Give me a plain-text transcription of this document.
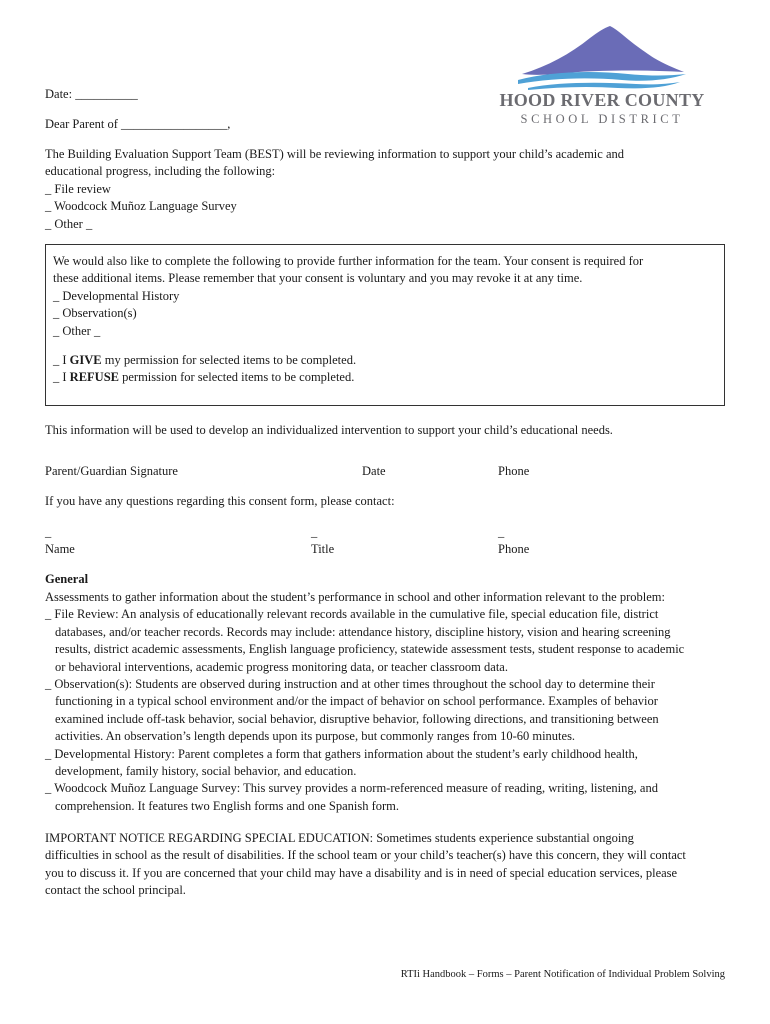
HOOD RIVER COUNTY
SCHOOL DISTRICT

Date: __________

Dear Parent of _________________,

The Building Evaluation Support Team (BEST) will be reviewing information to support your child’s academic and
educational progress, including the following:
_ File review
_ Woodcock Muñoz Language Survey
_ Other _
We would also like to complete the following to provide further information for the team. Your consent is required for
these additional items. Please remember that your consent is voluntary and you may revoke it at any time.
_ Developmental History
_ Observation(s)
_ Other _
_ I GIVE my permission for selected items to be completed.
_ I REFUSE permission for selected items to be completed.

This information will be used to develop an individualized intervention to support your child’s educational needs.

Parent/Guardian Signature	Date	Phone

If you have any questions regarding this consent form, please contact:

_	_	_

Name	Title	Phone

General

Assessments to gather information about the student’s performance in school and other information relevant to the problem:
_ File Review: An analysis of educationally relevant records available in the cumulative file, special education file, district
databases, and/or teacher records. Records may include: attendance history, discipline history, vision and hearing screening
results, district academic assessments, English language proficiency, statewide assessment tests, student response to academic
or behavioral interventions, academic progress monitoring data, or teacher classroom data.
_ Observation(s): Students are observed during instruction and at other times throughout the school day to determine their
functioning in a typical school environment and/or the impact of behavior on school performance. Examples of behavior
examined include off-task behavior, social behavior, disruptive behavior, following directions, and transitioning between
activities. An observation’s length depends upon its purpose, but commonly ranges from 10-60 minutes.
_ Developmental History: Parent completes a form that gathers information about the student’s early childhood health,
development, family history, social behavior, and education.
_ Woodcock Muñoz Language Survey: This survey provides a norm-referenced measure of reading, writing, listening, and
comprehension. It features two English forms and one Spanish form.
IMPORTANT NOTICE REGARDING SPECIAL EDUCATION: Sometimes students experience substantial ongoing
difficulties in school as the result of disabilities. If the school team or your child’s teacher(s) have this concern, they will contact
you to discuss it. If you are concerned that your child may have a disability and is in need of special education services, please
contact the school principal.

RTIi Handbook – Forms – Parent Notification of Individual Problem Solving
